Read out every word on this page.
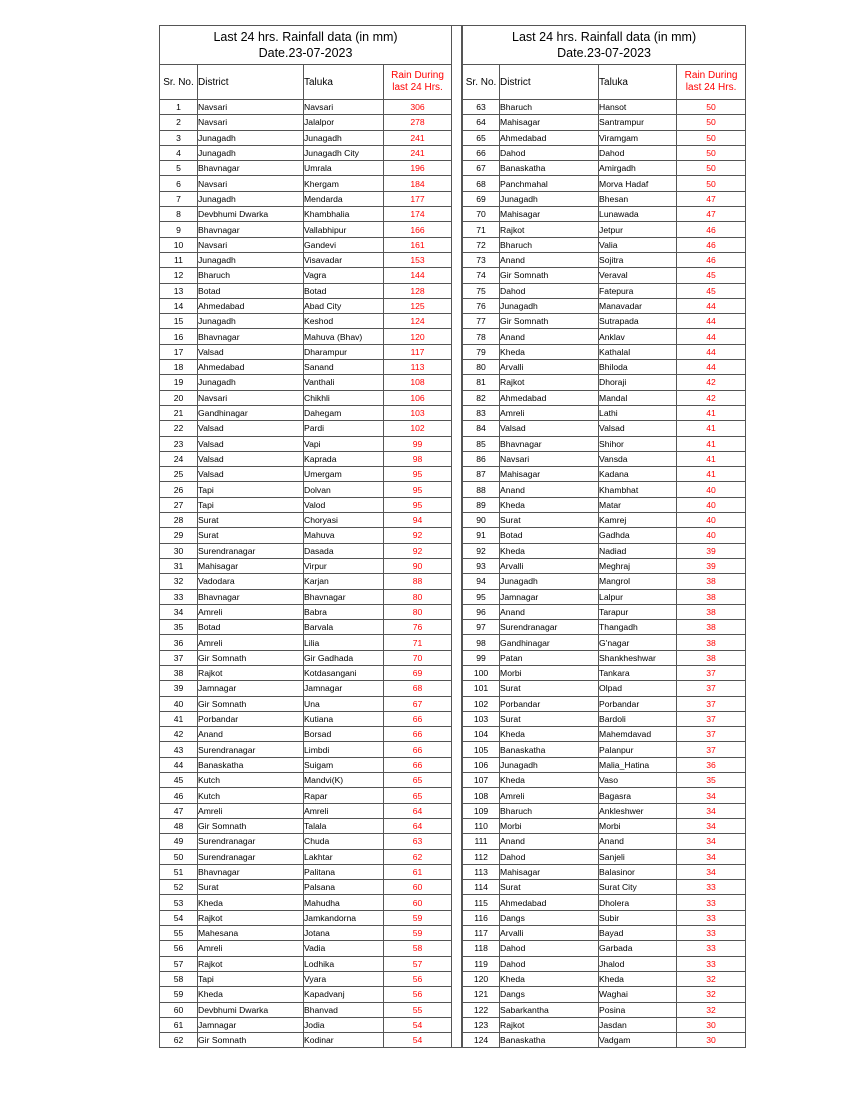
Last 24 hrs. Rainfall data (in mm)
Date.23-07-2023			

Sr. No.	District	Taluka	Rain During
last 24 Hrs.

1	Navsari	Navsari	306
2	Navsari	Jalalpor	278
3	Junagadh	Junagadh	241
4	Junagadh	Junagadh City	241
5	Bhavnagar	Umrala	196
6	Navsari	Khergam	184
7	Junagadh	Mendarda	177
8	Devbhumi Dwarka	Khambhalia	174
9	Bhavnagar	Vallabhipur	166
10	Navsari	Gandevi	161
11	Junagadh	Visavadar	153
12	Bharuch	Vagra	144
13	Botad	Botad	128
14	Ahmedabad	Abad City	125
15	Junagadh	Keshod	124
16	Bhavnagar	Mahuva (Bhav)	120
17	Valsad	Dharampur	117
18	Ahmedabad	Sanand	113
19	Junagadh	Vanthali	108
20	Navsari	Chikhli	106
21	Gandhinagar	Dahegam	103
22	Valsad	Pardi	102
23	Valsad	Vapi	99
24	Valsad	Kaprada	98
25	Valsad	Umergam	95
26	Tapi	Dolvan	95
27	Tapi	Valod	95
28	Surat	Choryasi	94
29	Surat	Mahuva	92
30	Surendranagar	Dasada	92
31	Mahisagar	Virpur	90
32	Vadodara	Karjan	88
33	Bhavnagar	Bhavnagar	80
34	Amreli	Babra	80
35	Botad	Barvala	76
36	Amreli	Lilia	71
37	Gir Somnath	Gir Gadhada	70
38	Rajkot	Kotdasangani	69
39	Jamnagar	Jamnagar	68
40	Gir Somnath	Una	67
41	Porbandar	Kutiana	66
42	Anand	Borsad	66
43	Surendranagar	Limbdi	66
44	Banaskatha	Suigam	66
45	Kutch	Mandvi(K)	65
46	Kutch	Rapar	65
47	Amreli	Amreli	64
48	Gir Somnath	Talala	64
49	Surendranagar	Chuda	63
50	Surendranagar	Lakhtar	62
51	Bhavnagar	Palitana	61
52	Surat	Palsana	60
53	Kheda	Mahudha	60
54	Rajkot	Jamkandorna	59
55	Mahesana	Jotana	59
56	Amreli	Vadia	58
57	Rajkot	Lodhika	57
58	Tapi	Vyara	56
59	Kheda	Kapadvanj	56
60	Devbhumi Dwarka	Bhanvad	55
61	Jamnagar	Jodia	54
62	Gir Somnath	Kodinar	54
Last 24 hrs. Rainfall data (in mm)
Date.23-07-2023			

Sr. No.	District	Taluka	Rain During
last 24 Hrs.

63	Bharuch	Hansot	50
64	Mahisagar	Santrampur	50
65	Ahmedabad	Viramgam	50
66	Dahod	Dahod	50
67	Banaskatha	Amirgadh	50
68	Panchmahal	Morva Hadaf	50
69	Junagadh	Bhesan	47
70	Mahisagar	Lunawada	47
71	Rajkot	Jetpur	46
72	Bharuch	Valia	46
73	Anand	Sojitra	46
74	Gir Somnath	Veraval	45
75	Dahod	Fatepura	45
76	Junagadh	Manavadar	44
77	Gir Somnath	Sutrapada	44
78	Anand	Anklav	44
79	Kheda	Kathalal	44
80	Arvalli	Bhiloda	44
81	Rajkot	Dhoraji	42
82	Ahmedabad	Mandal	42
83	Amreli	Lathi	41
84	Valsad	Valsad	41
85	Bhavnagar	Shihor	41
86	Navsari	Vansda	41
87	Mahisagar	Kadana	41
88	Anand	Khambhat	40
89	Kheda	Matar	40
90	Surat	Kamrej	40
91	Botad	Gadhda	40
92	Kheda	Nadiad	39
93	Arvalli	Meghraj	39
94	Junagadh	Mangrol	38
95	Jamnagar	Lalpur	38
96	Anand	Tarapur	38
97	Surendranagar	Thangadh	38
98	Gandhinagar	G'nagar	38
99	Patan	Shankheshwar	38
100	Morbi	Tankara	37
101	Surat	Olpad	37
102	Porbandar	Porbandar	37
103	Surat	Bardoli	37
104	Kheda	Mahemdavad	37
105	Banaskatha	Palanpur	37
106	Junagadh	Malia_Hatina	36
107	Kheda	Vaso	35
108	Amreli	Bagasra	34
109	Bharuch	Ankleshwer	34
110	Morbi	Morbi	34
111	Anand	Anand	34
112	Dahod	Sanjeli	34
113	Mahisagar	Balasinor	34
114	Surat	Surat City	33
115	Ahmedabad	Dholera	33
116	Dangs	Subir	33
117	Arvalli	Bayad	33
118	Dahod	Garbada	33
119	Dahod	Jhalod	33
120	Kheda	Kheda	32
121	Dangs	Waghai	32
122	Sabarkantha	Posina	32
123	Rajkot	Jasdan	30
124	Banaskatha	Vadgam	30
